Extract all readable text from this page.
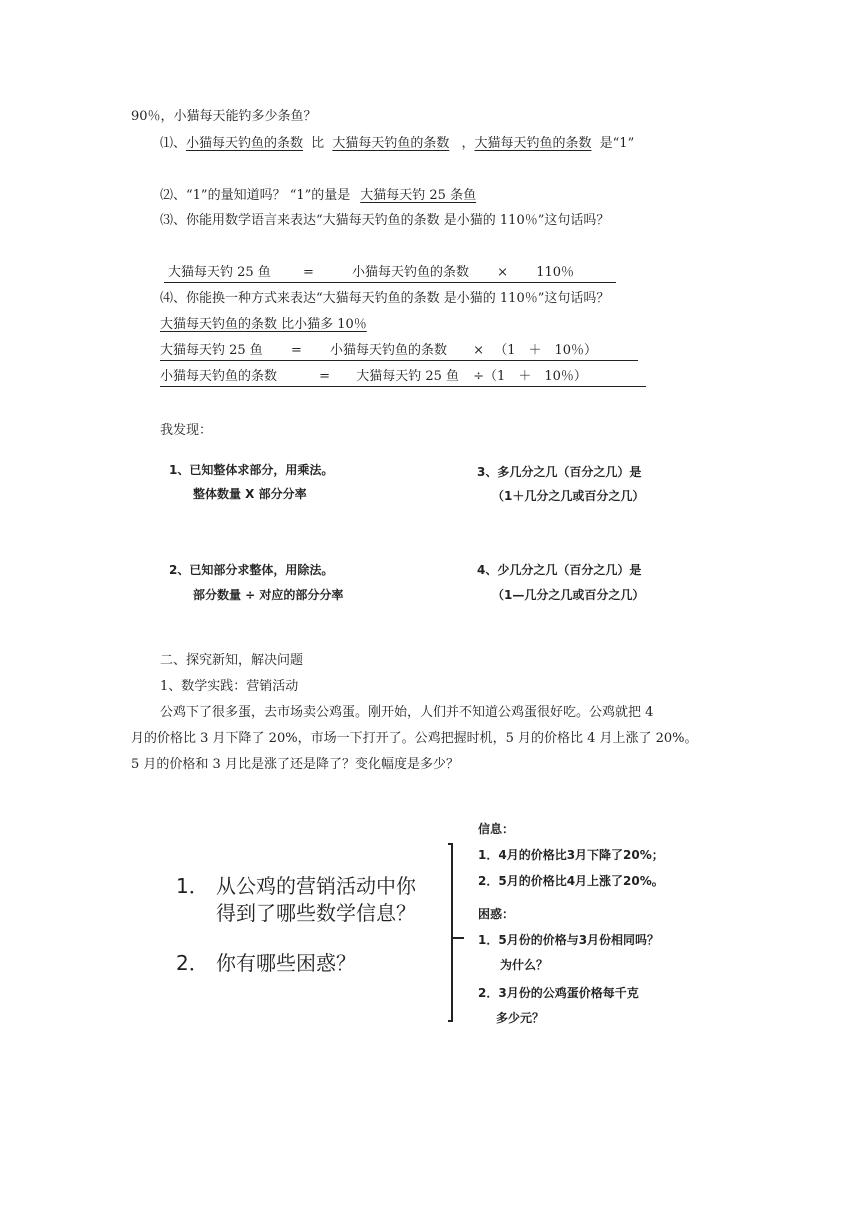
90％，小猫每天能钓多少条鱼？
⑴、小猫每天钓鱼的条数 比 大猫每天钓鱼的条数 ，大猫每天钓鱼的条数 是“1”
⑵、“1”的量知道吗？ “1”的量是 大猫每天钓 25 条鱼
⑶、你能用数学语言来表达“大猫每天钓鱼的条数 是小猫的 110％”这句话吗？
大猫每天钓 25 鱼 =	小猫每天钓鱼的条数 × 110％
⑷、你能换一种方式来表达“大猫每天钓鱼的条数 是小猫的 110％”这句话吗？
大猫每天钓鱼的条数 比小猫多 10％
大猫每天钓 25 鱼 = 小猫每天钓鱼的条数 × （1　＋　10％）
小猫每天钓鱼的条数	= 大猫每天钓 25 鱼 ÷（1　＋　10％）
我发现：
1、已知整体求部分，用乘法。
整体数量 X 部分分率
3、多几分之几（百分之几）是
（1＋几分之几或百分之几）
2、已知部分求整体，用除法。
部分数量 ÷ 对应的部分分率
4、少几分之几（百分之几）是
（1—几分之几或百分之几）
二、探究新知，解决问题
1、数学实践：营销活动
公鸡下了很多蛋，去市场卖公鸡蛋。刚开始，人们并不知道公鸡蛋很好吃。公鸡就把 4
月的价格比 3 月下降了 20%，市场一下打开了。公鸡把握时机，5 月的价格比 4 月上涨了 20%。
5 月的价格和 3 月比是涨了还是降了？变化幅度是多少？
1． 从公鸡的营销活动中你
得到了哪些数学信息？
2． 你有哪些困惑？
信息：
1．4月的价格比3月下降了20%；
2．5月的价格比4月上涨了20%。
困惑：
1．5月份的价格与3月份相同吗？
为什么？
2．3月份的公鸡蛋价格每千克
多少元？
